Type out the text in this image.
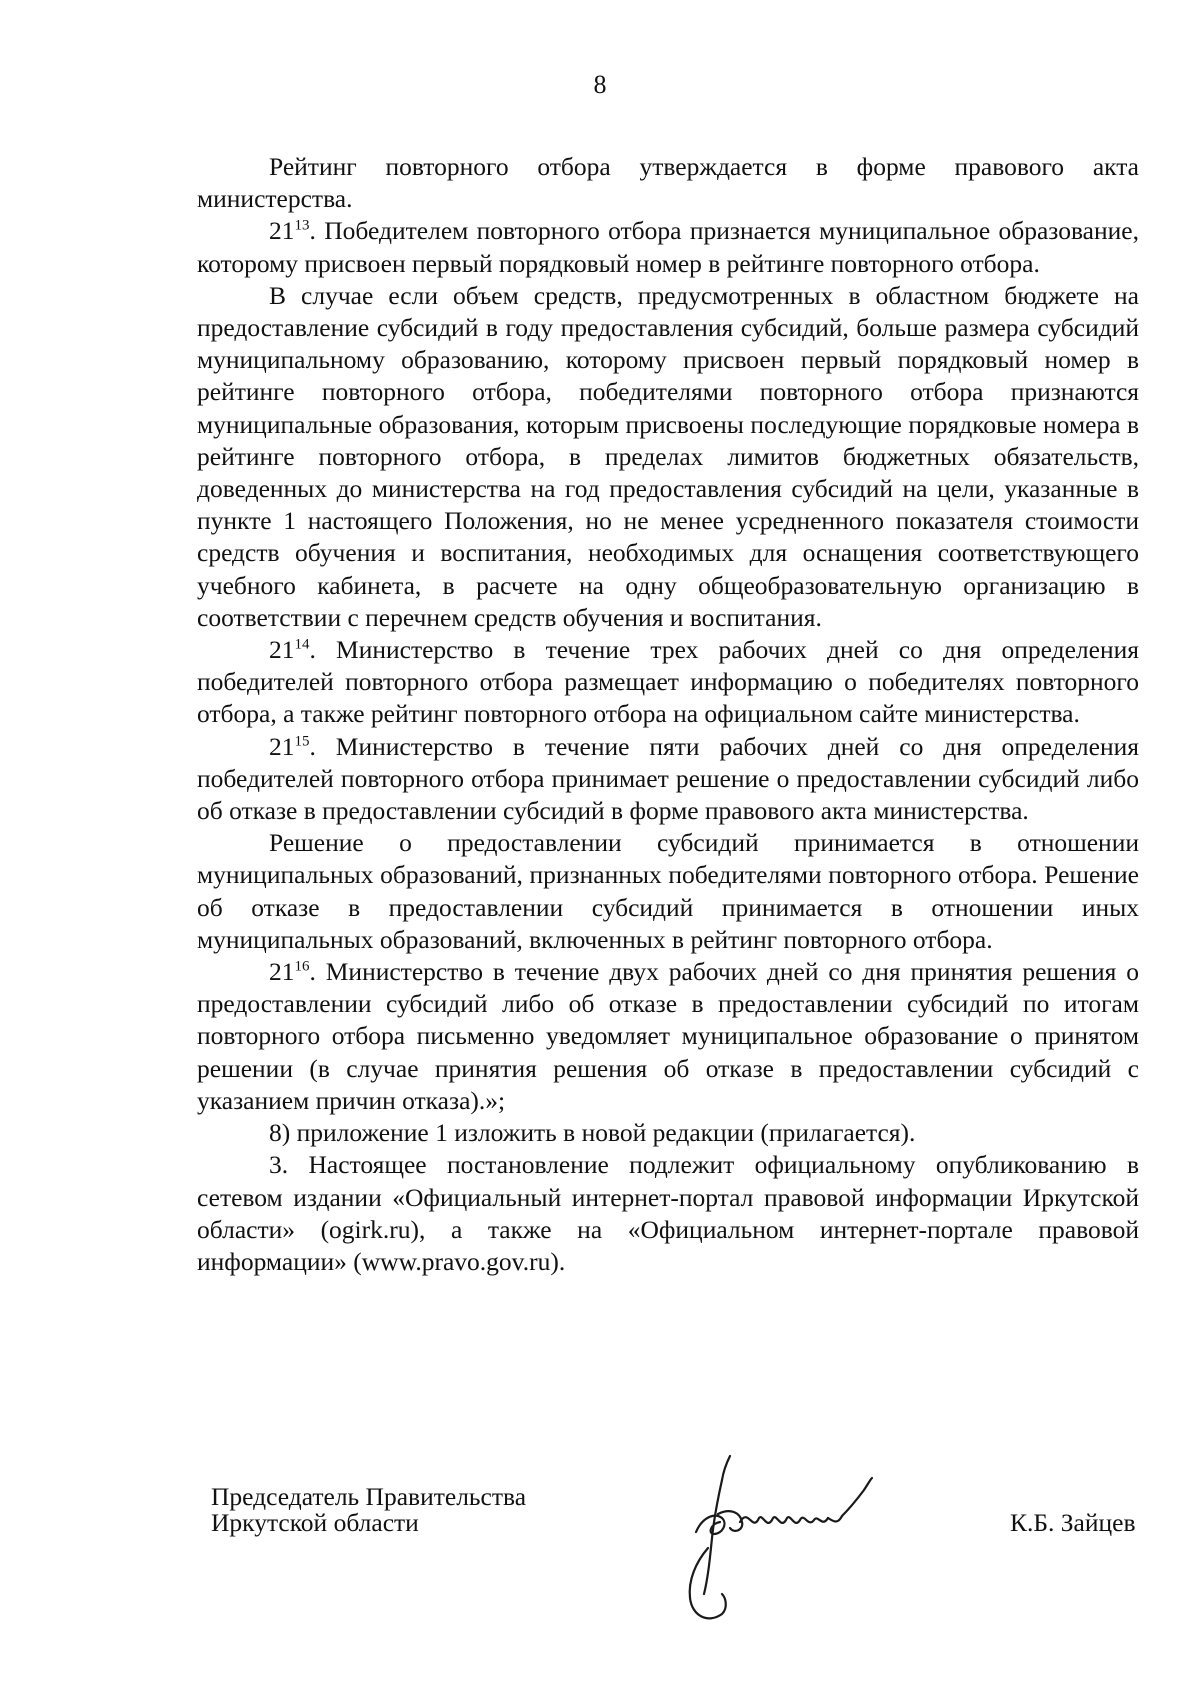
8

Рейтинг повторного отбора утверждается в форме правового акта министерства.

$21^{13}$. Победителем повторного отбора признается муниципальное образование, которому присвоен первый порядковый номер в рейтинге повторного отбора.

В случае если объем средств, предусмотренных в областном бюджете на предоставление субсидий в году предоставления субсидий, больше размера субсидий муниципальному образованию, которому присвоен первый порядковый номер в рейтинге повторного отбора, победителями повторного отбора признаются муниципальные образования, которым присвоены последующие порядковые номера в рейтинге повторного отбора, в пределах лимитов бюджетных обязательств, доведенных до министерства на год предоставления субсидий на цели, указанные в пункте 1 настоящего Положения, но не менее усредненного показателя стоимости средств обучения и воспитания, необходимых для оснащения соответствующего учебного кабинета, в расчете на одну общеобразовательную организацию в соответствии с перечнем средств обучения и воспитания.

$21^{14}$. Министерство в течение трех рабочих дней со дня определения победителей повторного отбора размещает информацию о победителях повторного отбора, а также рейтинг повторного отбора на официальном сайте министерства.

$21^{15}$. Министерство в течение пяти рабочих дней со дня определения победителей повторного отбора принимает решение о предоставлении субсидий либо об отказе в предоставлении субсидий в форме правового акта министерства.

Решение о предоставлении субсидий принимается в отношении муниципальных образований, признанных победителями повторного отбора. Решение об отказе в предоставлении субсидий принимается в отношении иных муниципальных образований, включенных в рейтинг повторного отбора.

$21^{16}$. Министерство в течение двух рабочих дней со дня принятия решения о предоставлении субсидий либо об отказе в предоставлении субсидий по итогам повторного отбора письменно уведомляет муниципальное образование о принятом решении (в случае принятия решения об отказе в предоставлении субсидий с указанием причин отказа).»;

8) приложение 1 изложить в новой редакции (прилагается).

3. Настоящее постановление подлежит официальному опубликованию в сетевом издании «Официальный интернет-портал правовой информации Иркутской области» (ogirk.ru), а также на «Официальном интернет-портале правовой информации» (www.pravo.gov.ru).

Председатель Правительства
Иркутской области	К.Б. Зайцев
